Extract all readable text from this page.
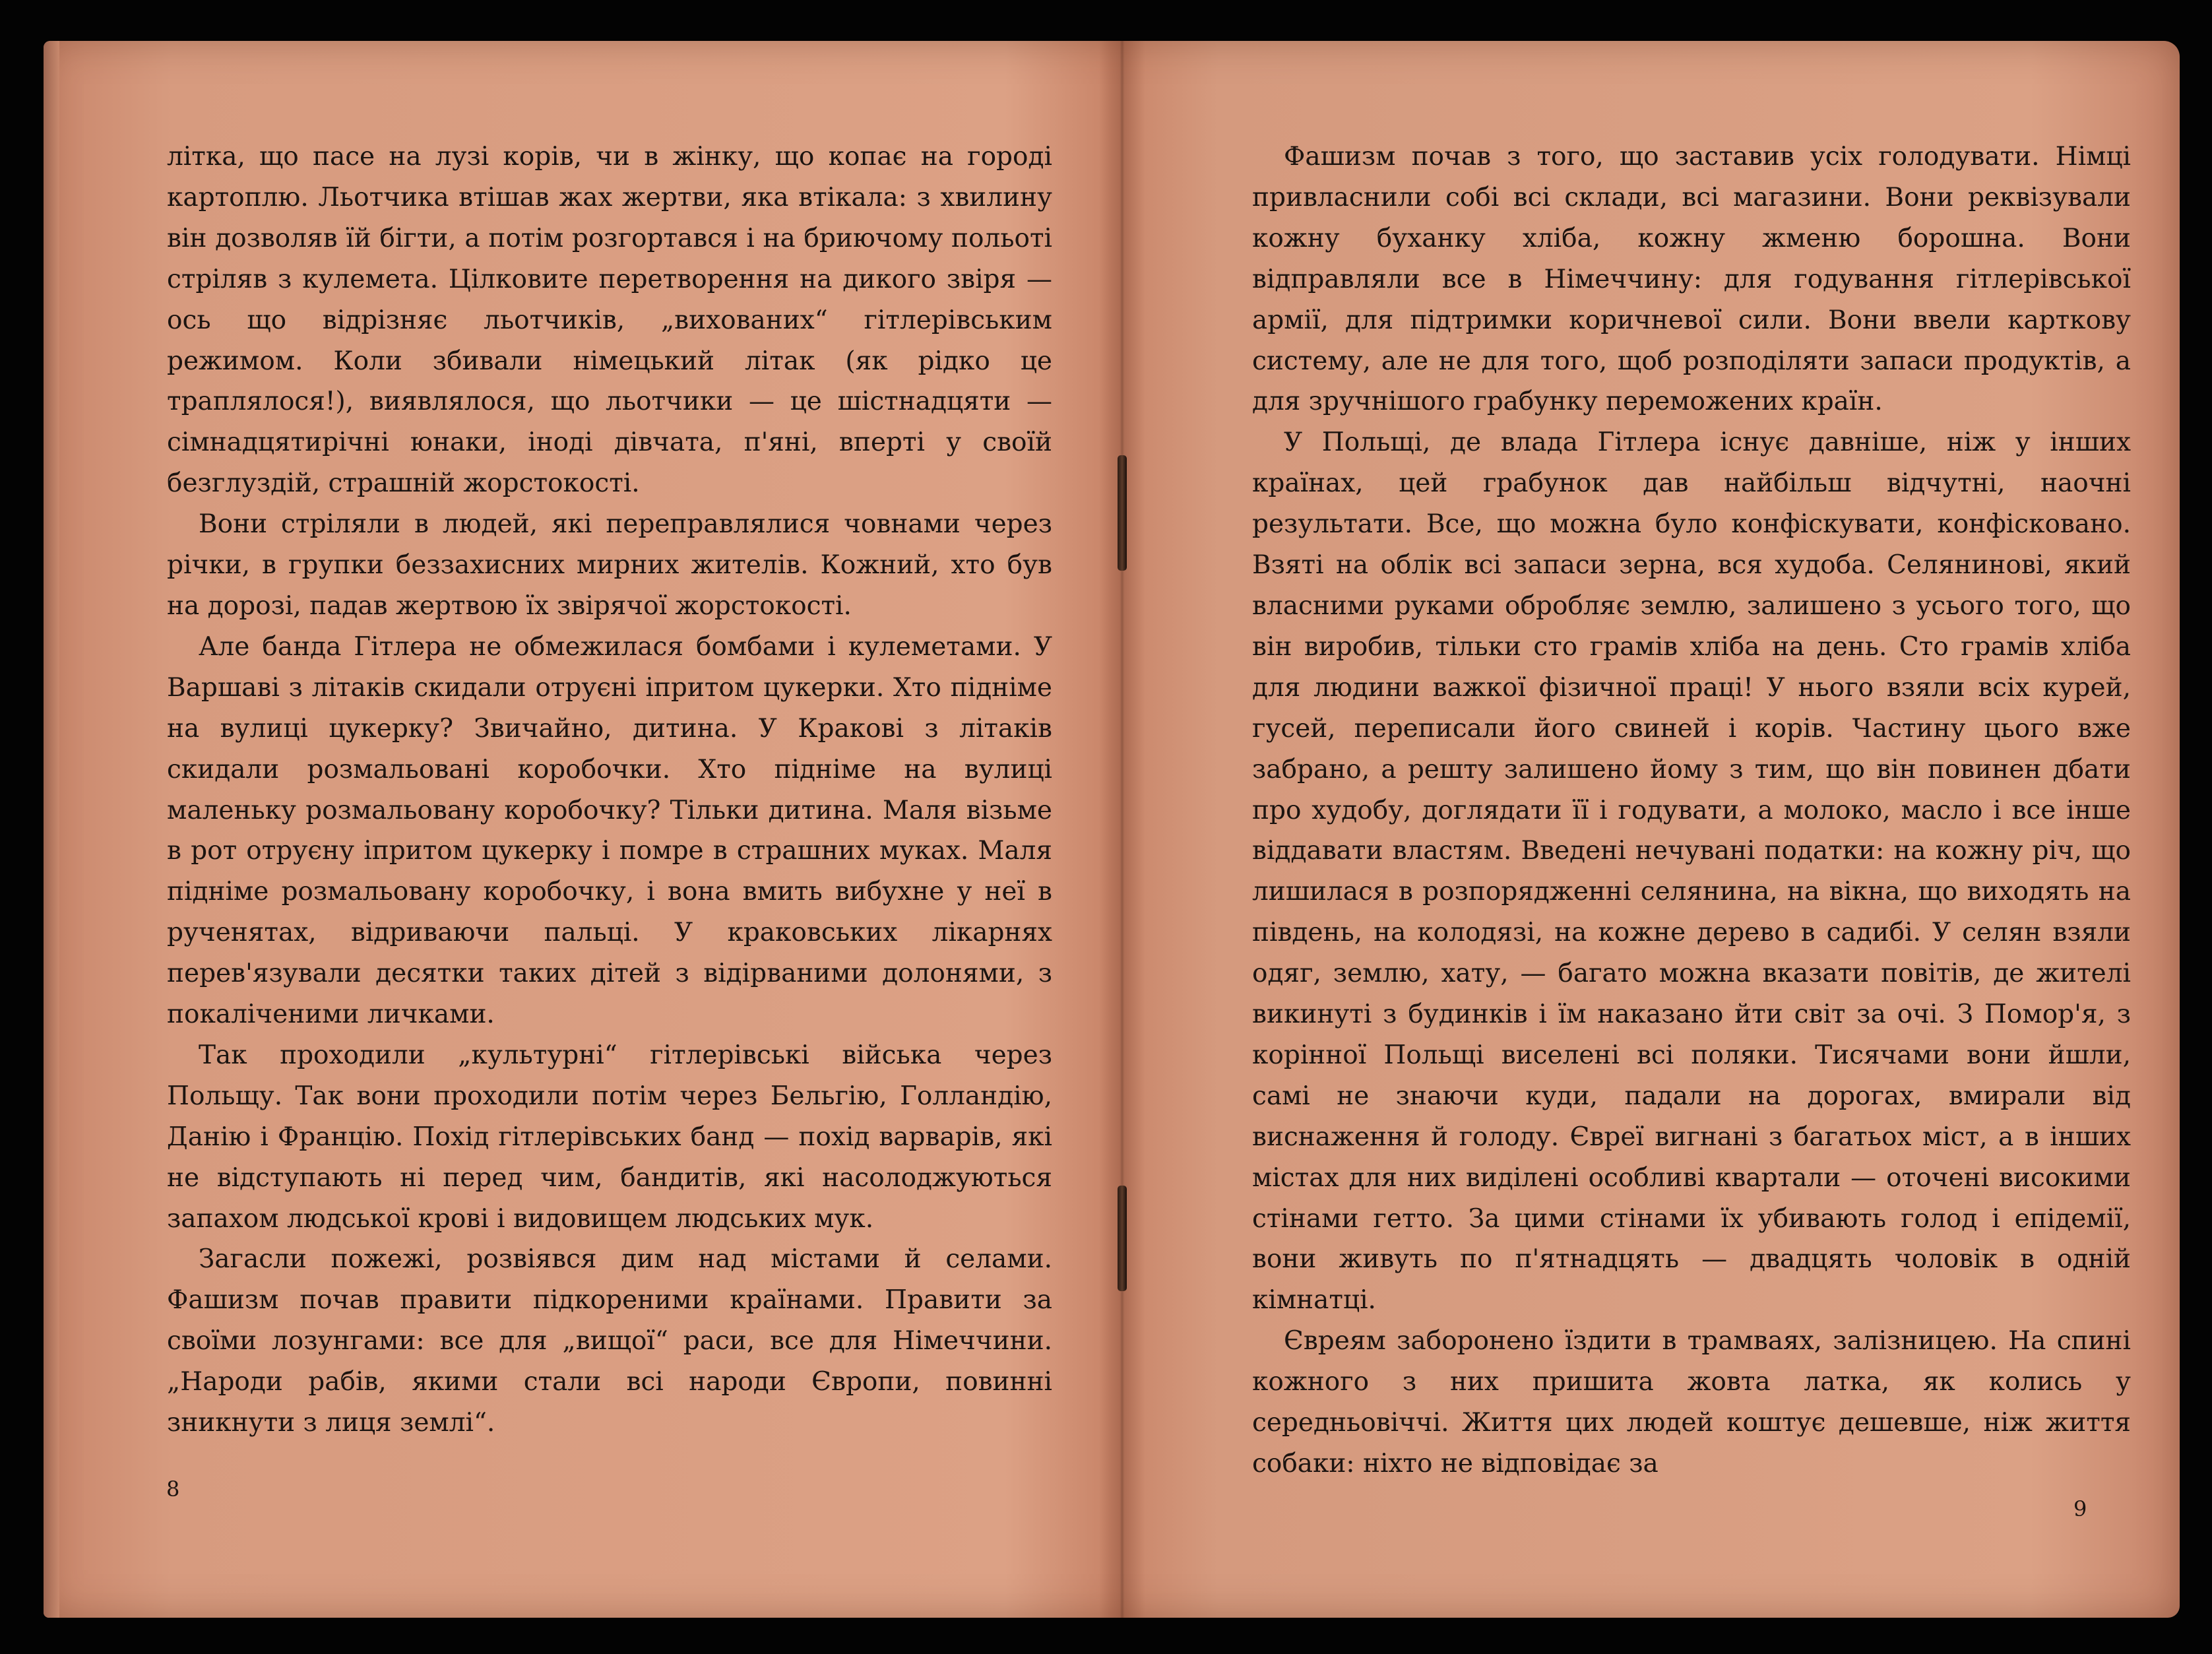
літка, що пасе на лузі корів, чи в жінку, що копає на городі картоплю. Льотчика втішав жах жертви, яка втікала: з хвилину він дозволяв їй бігти, а потім розгортався і на бриючому польоті стріляв з кулемета. Цілковите перетворення на дикого звіря — ось що відрізняє льотчиків, „вихованих“ гітлерівським режимом. Коли збивали німецький літак (як рідко це траплялося!), виявлялося, що льотчики — це шістнадцяти — сімнадцятирічні юнаки, іноді дівчата, п'яні, вперті у своїй безглуздій, страшній жорстокості.

Вони стріляли в людей, які переправлялися човнами через річки, в групки беззахисних мирних жителів. Кожний, хто був на дорозі, падав жертвою їх звірячої жорстокості.

Але банда Гітлера не обмежилася бомбами і кулеметами. У Варшаві з літаків скидали отруєні іпритом цукерки. Хто підніме на вулиці цукерку? Звичайно, дитина. У Кракові з літаків скидали розмальовані коробочки. Хто підніме на вулиці маленьку розмальовану коробочку? Тільки дитина. Маля візьме в рот отруєну іпритом цукерку і помре в страшних муках. Маля підніме розмальовану коробочку, і вона вмить вибухне у неї в рученятах, відриваючи пальці. У краковських лікарнях перев'язували десятки таких дітей з відірваними долонями, з покаліченими личками.

Так проходили „культурні“ гітлерівські війська через Польщу. Так вони проходили потім через Бельгію, Голландію, Данію і Францію. Похід гітлерівських банд — похід варварів, які не відступають ні перед чим, бандитів, які насолоджуються запахом людської крові і видовищем людських мук.

Загасли пожежі, розвіявся дим над містами й селами. Фашизм почав правити підкореними країнами. Правити за своїми лозунгами: все для „вищої“ раси, все для Німеччини. „Народи рабів, якими стали всі народи Європи, повинні зникнути з лиця землі“.

8

Фашизм почав з того, що заставив усіх голодувати. Німці привласнили собі всі склади, всі магазини. Вони реквізували кожну буханку хліба, кожну жменю борошна. Вони відправляли все в Німеччину: для годування гітлерівської армії, для підтримки коричневої сили. Вони ввели карткову систему, але не для того, щоб розподіляти запаси продуктів, а для зручнішого грабунку переможених країн.

У Польщі, де влада Гітлера існує давніше, ніж у інших країнах, цей грабунок дав найбільш відчутні, наочні результати. Все, що можна було конфіскувати, конфісковано. Взяті на облік всі запаси зерна, вся худоба. Селянинові, який власними руками обробляє землю, залишено з усього того, що він виробив, тільки сто грамів хліба на день. Сто грамів хліба для людини важкої фізичної праці! У нього взяли всіх курей, гусей, переписали його свиней і корів. Частину цього вже забрано, а решту залишено йому з тим, що він повинен дбати про худобу, доглядати її і годувати, а молоко, масло і все інше віддавати властям. Введені нечувані податки: на кожну річ, що лишилася в розпорядженні селянина, на вікна, що виходять на південь, на колодязі, на кожне дерево в садибі. У селян взяли одяг, землю, хату, — багато можна вказати повітів, де жителі викинуті з будинків і їм наказано йти світ за очі. З Помор'я, з корінної Польщі виселені всі поляки. Тисячами вони йшли, самі не знаючи куди, падали на дорогах, вмирали від виснаження й голоду. Євреї вигнані з багатьох міст, а в інших містах для них виділені особливі квартали — оточені високими стінами гетто. За цими стінами їх убивають голод і епідемії, вони живуть по п'ятнадцять — двадцять чоловік в одній кімнатці.

Євреям заборонено їздити в трамваях, залізницею. На спині кожного з них пришита жовта латка, як колись у середньовіччі. Життя цих людей коштує дешевше, ніж життя собаки: ніхто не відповідає за

9
